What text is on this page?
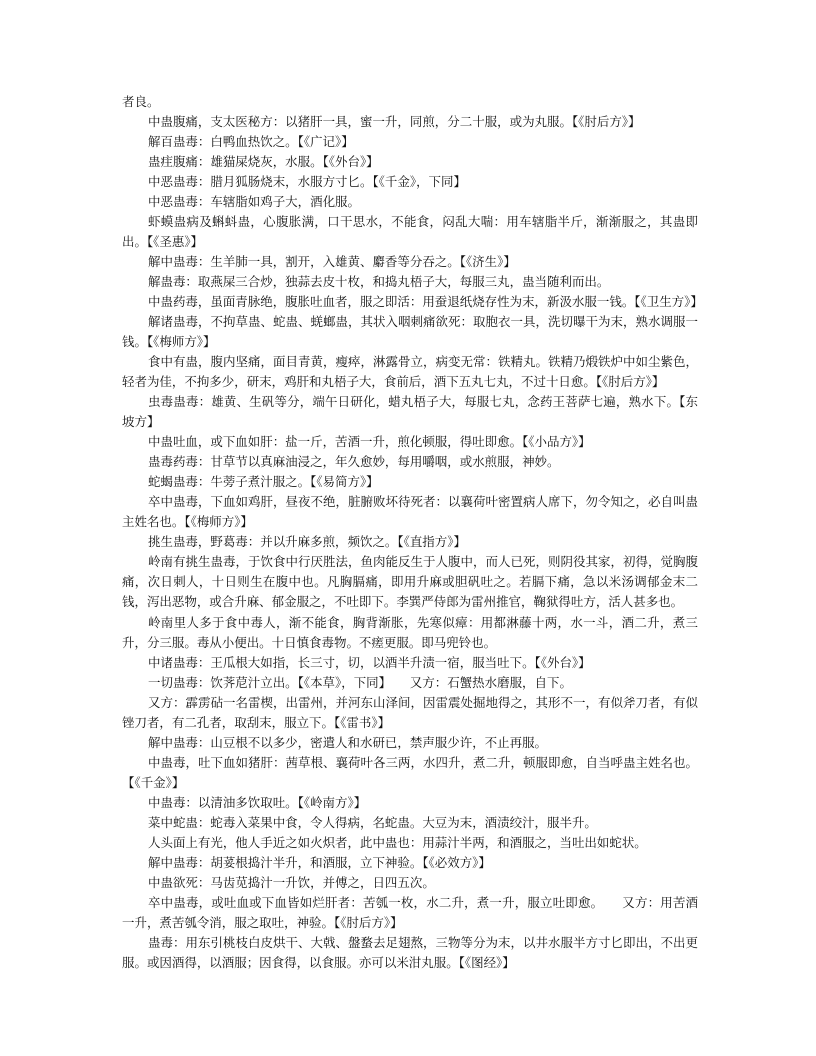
者良。

中蛊腹痛，支太医秘方：以猪肝一具，蜜一升，同煎，分二十服，或为丸服。【《肘后方》】

解百蛊毒：白鸭血热饮之。【《广记》】

蛊疰腹痛：雄猫屎烧灰，水服。【《外台》】

中恶蛊毒：腊月狐肠烧末，水服方寸匕。【《千金》，下同】

中恶蛊毒：车辖脂如鸡子大，酒化服。

虾蟆蛊病及蝌蚪蛊，心腹胀满，口干思水，不能食，闷乱大喘：用车辖脂半斤，渐渐服之，其蛊即出。【《圣惠》】

解中蛊毒：生羊肺一具，割开，入雄黄、麝香等分吞之。【《济生》】

解蛊毒：取燕屎三合炒，独蒜去皮十枚，和捣丸梧子大，每服三丸，蛊当随利而出。

中蛊药毒，虽面青脉绝，腹胀吐血者，服之即活：用蚕退纸烧存性为末，新汲水服一钱。【《卫生方》】

解诸蛊毒，不拘草蛊、蛇蛊、蜣螂蛊，其状入咽刺痛欲死：取胞衣一具，洗切曝干为末，熟水调服一钱。【《梅师方》】

食中有蛊，腹内坚痛，面目青黄，瘦瘁，淋露骨立，病变无常：铁精丸。铁精乃煅铁炉中如尘紫色，轻者为佳，不拘多少，研末，鸡肝和丸梧子大，食前后，酒下五丸七丸，不过十日愈。【《肘后方》】

虫毒蛊毒：雄黄、生矾等分，端午日研化，蜡丸梧子大，每服七丸，念药王菩萨七遍，熟水下。【东坡方】

中蛊吐血，或下血如肝：盐一斤，苦酒一升，煎化顿服，得吐即愈。【《小品方》】

蛊毒药毒：甘草节以真麻油浸之，年久愈妙，每用嚼咽，或水煎服，神妙。

蛇蝎蛊毒：牛蒡子煮汁服之。【《易简方》】

卒中蛊毒，下血如鸡肝，昼夜不绝，脏腑败坏待死者：以襄荷叶密置病人席下，勿令知之，必自叫蛊主姓名也。【《梅师方》】

挑生蛊毒，野葛毒：并以升麻多煎，频饮之。【《直指方》】

岭南有挑生蛊毒，于饮食中行厌胜法，鱼肉能反生于人腹中，而人已死，则阴役其家，初得，觉胸腹痛，次日刺人，十日则生在腹中也。凡胸膈痛，即用升麻或胆矾吐之。若膈下痛，急以米汤调郁金末二钱，泻出恶物，或合升麻、郁金服之，不吐即下。李巽严侍郎为雷州推官，鞠狱得吐方，活人甚多也。

岭南里人多于食中毒人，渐不能食，胸背渐胀，先寒似瘴：用都淋藤十两，水一斗，酒二升，煮三升，分三服。毒从小便出。十日慎食毒物。不瘥更服。即马兜铃也。

中诸蛊毒：王瓜根大如指，长三寸，切，以酒半升渍一宿，服当吐下。【《外台》】

一切蛊毒：饮荠苨汁立出。【《本草》，下同】　　又方：石蟹热水磨服，自下。

又方：霹雳砧一名雷楔，出雷州，并河东山泽间，因雷震处掘地得之，其形不一，有似斧刀者，有似锉刀者，有二孔者，取刮末，服立下。【《雷书》】

解中蛊毒：山豆根不以多少，密遣人和水研已，禁声服少许，不止再服。

中蛊毒，吐下血如猪肝：茜草根、襄荷叶各三两，水四升，煮二升，顿服即愈，自当呼蛊主姓名也。【《千金》】

中蛊毒：以清油多饮取吐。【《岭南方》】

菜中蛇蛊：蛇毒入菜果中食，令人得病，名蛇蛊。大豆为末，酒渍绞汁，服半升。

人头面上有光，他人手近之如火炽者，此中蛊也：用蒜汁半两，和酒服之，当吐出如蛇状。

解中蛊毒：胡荽根捣汁半升，和酒服，立下神验。【《必效方》】

中蛊欲死：马齿苋捣汁一升饮，并傅之，日四五次。

卒中蛊毒，或吐血或下血皆如烂肝者：苦瓠一枚，水二升，煮一升，服立吐即愈。　　又方：用苦酒一升，煮苦瓠令消，服之取吐，神验。【《肘后方》】

蛊毒：用东引桃枝白皮烘干、大戟、盤蝥去足翅熬，三物等分为末，以井水服半方寸匕即出，不出更服。或因酒得，以酒服；因食得，以食服。亦可以米泔丸服。【《图经》】
